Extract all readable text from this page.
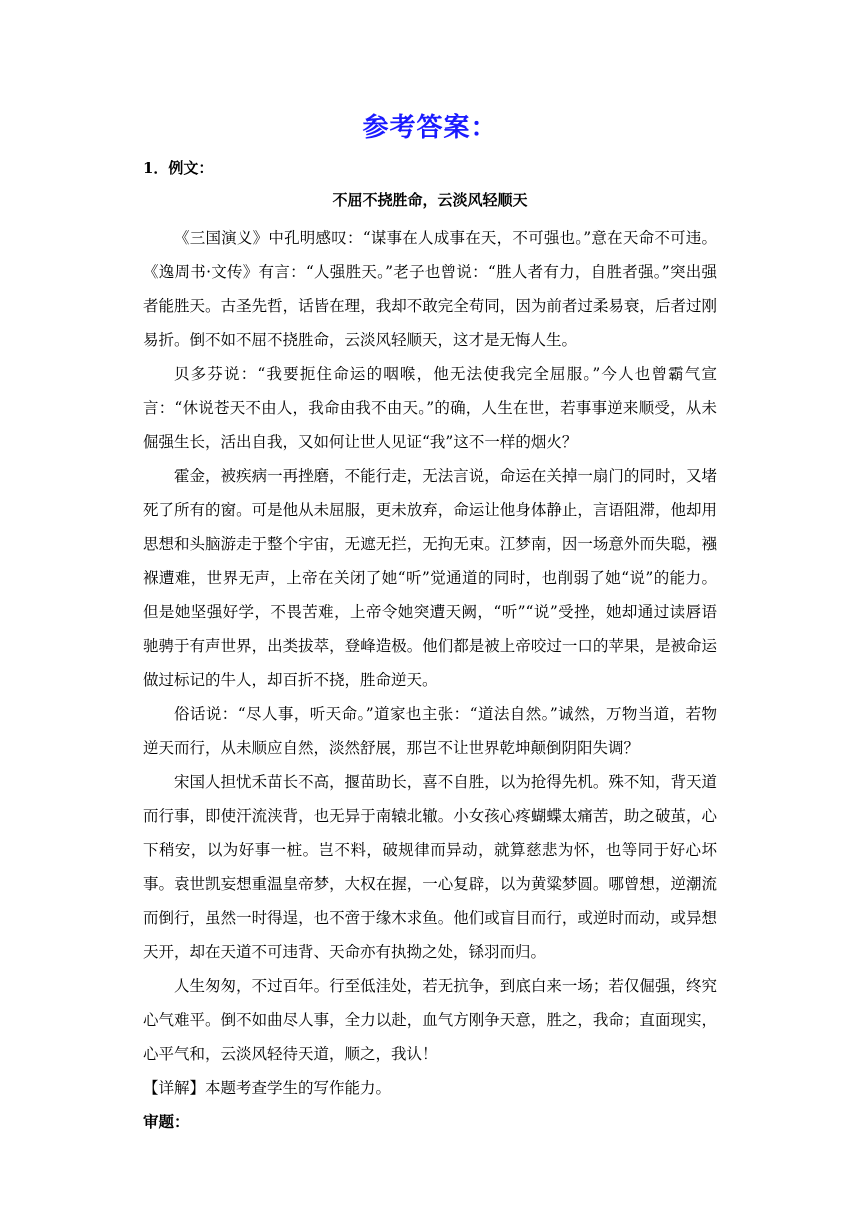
参考答案：
1．例文：
不屈不挠胜命，云淡风轻顺天

《三国演义》中孔明感叹：“谋事在人成事在天，不可强也。”意在天命不可违。《逸周书·文传》有言：“人强胜天。”老子也曾说：“胜人者有力，自胜者强。”突出强者能胜天。古圣先哲，话皆在理，我却不敢完全苟同，因为前者过柔易衰，后者过刚易折。倒不如不屈不挠胜命，云淡风轻顺天，这才是无悔人生。

贝多芬说：“我要扼住命运的咽喉，他无法使我完全屈服。”今人也曾霸气宣言：“休说苍天不由人，我命由我不由天。”的确，人生在世，若事事逆来顺受，从未倔强生长，活出自我，又如何让世人见证“我”这不一样的烟火？

霍金，被疾病一再挫磨，不能行走，无法言说，命运在关掉一扇门的同时，又堵死了所有的窗。可是他从未屈服，更未放弃，命运让他身体静止，言语阻滞，他却用思想和头脑游走于整个宇宙，无遮无拦，无拘无束。江梦南，因一场意外而失聪，襁褓遭难，世界无声，上帝在关闭了她“听”觉通道的同时，也削弱了她“说”的能力。但是她坚强好学，不畏苦难，上帝令她突遭天阙，“听”“说”受挫，她却通过读唇语驰骋于有声世界，出类拔萃，登峰造极。他们都是被上帝咬过一口的苹果，是被命运做过标记的牛人，却百折不挠，胜命逆天。

俗话说：“尽人事，听天命。”道家也主张：“道法自然。”诚然，万物当道，若物逆天而行，从未顺应自然，淡然舒展，那岂不让世界乾坤颠倒阴阳失调？

宋国人担忧禾苗长不高，揠苗助长，喜不自胜，以为抢得先机。殊不知，背天道而行事，即使汗流浃背，也无异于南辕北辙。小女孩心疼蝴蝶太痛苦，助之破茧，心下稍安，以为好事一桩。岂不料，破规律而异动，就算慈悲为怀，也等同于好心坏事。袁世凯妄想重温皇帝梦，大权在握，一心复辟，以为黄粱梦圆。哪曾想，逆潮流而倒行，虽然一时得逞，也不啻于缘木求鱼。他们或盲目而行，或逆时而动，或异想天开，却在天道不可违背、天命亦有执拗之处，铩羽而归。

人生匆匆，不过百年。行至低洼处，若无抗争，到底白来一场；若仅倔强，终究心气难平。倒不如曲尽人事，全力以赴，血气方刚争天意，胜之，我命；直面现实，心平气和，云淡风轻待天道，顺之，我认！

【详解】本题考查学生的写作能力。

审题：
